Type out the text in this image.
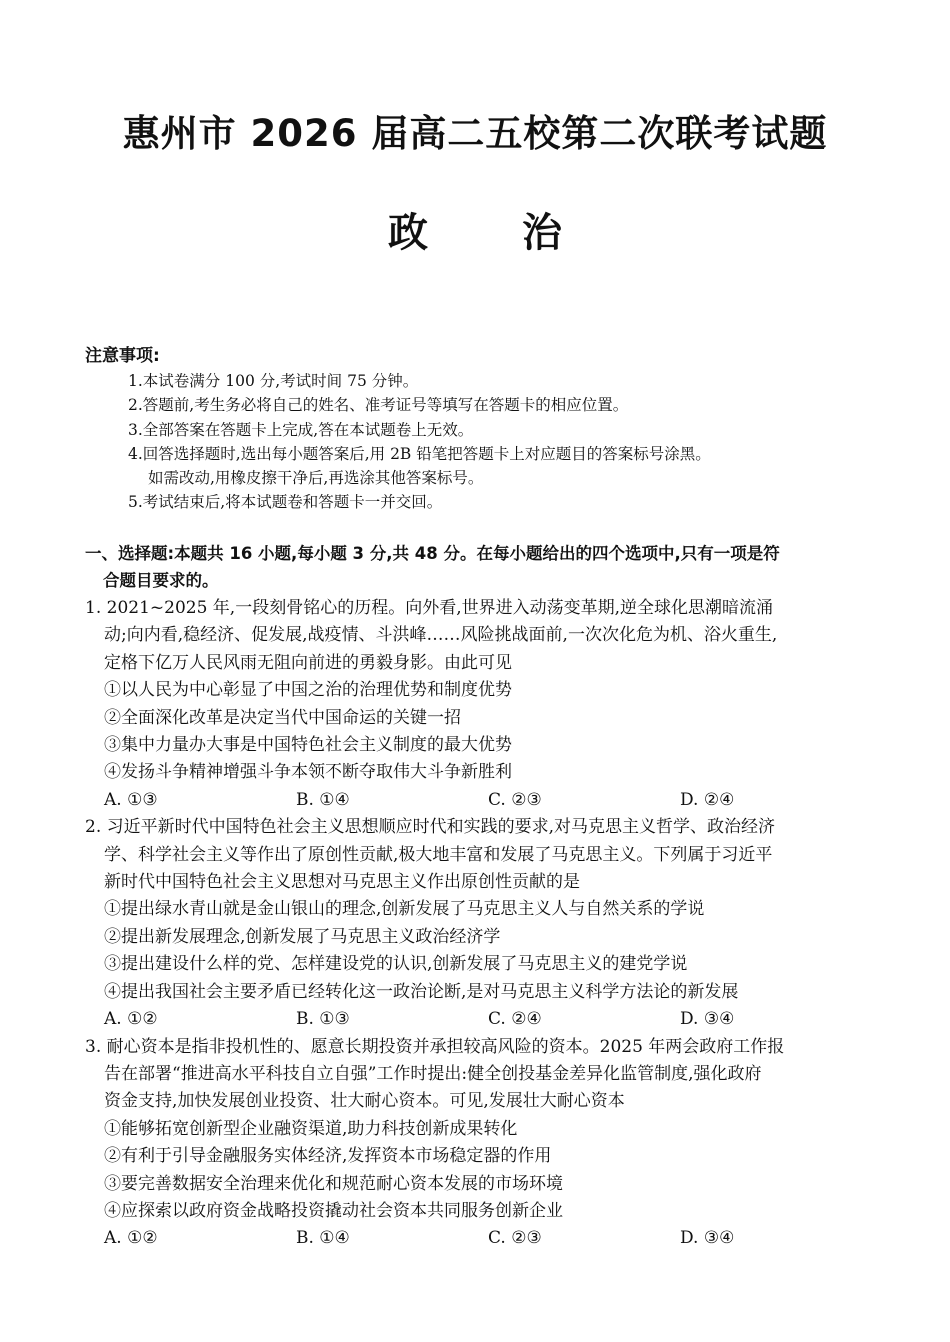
惠州市 2026 届高二五校第二次联考试题
政 治
注意事项:
1.本试卷满分 100 分,考试时间 75 分钟。
2.答题前,考生务必将自己的姓名、准考证号等填写在答题卡的相应位置。
3.全部答案在答题卡上完成,答在本试题卷上无效。
4.回答选择题时,选出每小题答案后,用 2B 铅笔把答题卡上对应题目的答案标号涂黑。
如需改动,用橡皮擦干净后,再选涂其他答案标号。
5.考试结束后,将本试题卷和答题卡一并交回。
一、选择题:本题共 16 小题,每小题 3 分,共 48 分。在每小题给出的四个选项中,只有一项是符
合题目要求的。
1. 2021~2025 年,一段刻骨铭心的历程。向外看,世界进入动荡变革期,逆全球化思潮暗流涌
动;向内看,稳经济、促发展,战疫情、斗洪峰……风险挑战面前,一次次化危为机、浴火重生,
定格下亿万人民风雨无阻向前进的勇毅身影。由此可见
①以人民为中心彰显了中国之治的治理优势和制度优势
②全面深化改革是决定当代中国命运的关键一招
③集中力量办大事是中国特色社会主义制度的最大优势
④发扬斗争精神增强斗争本领不断夺取伟大斗争新胜利
A. ①③	B. ①④	C. ②③	D. ②④
2. 习近平新时代中国特色社会主义思想顺应时代和实践的要求,对马克思主义哲学、政治经济
学、科学社会主义等作出了原创性贡献,极大地丰富和发展了马克思主义。下列属于习近平
新时代中国特色社会主义思想对马克思主义作出原创性贡献的是
①提出绿水青山就是金山银山的理念,创新发展了马克思主义人与自然关系的学说
②提出新发展理念,创新发展了马克思主义政治经济学
③提出建设什么样的党、怎样建设党的认识,创新发展了马克思主义的建党学说
④提出我国社会主要矛盾已经转化这一政治论断,是对马克思主义科学方法论的新发展
A. ①②	B. ①③	C. ②④	D. ③④
3. 耐心资本是指非投机性的、愿意长期投资并承担较高风险的资本。2025 年两会政府工作报
告在部署“推进高水平科技自立自强”工作时提出:健全创投基金差异化监管制度,强化政府
资金支持,加快发展创业投资、壮大耐心资本。可见,发展壮大耐心资本
①能够拓宽创新型企业融资渠道,助力科技创新成果转化
②有利于引导金融服务实体经济,发挥资本市场稳定器的作用
③要完善数据安全治理来优化和规范耐心资本发展的市场环境
④应探索以政府资金战略投资撬动社会资本共同服务创新企业
A. ①②	B. ①④	C. ②③	D. ③④
